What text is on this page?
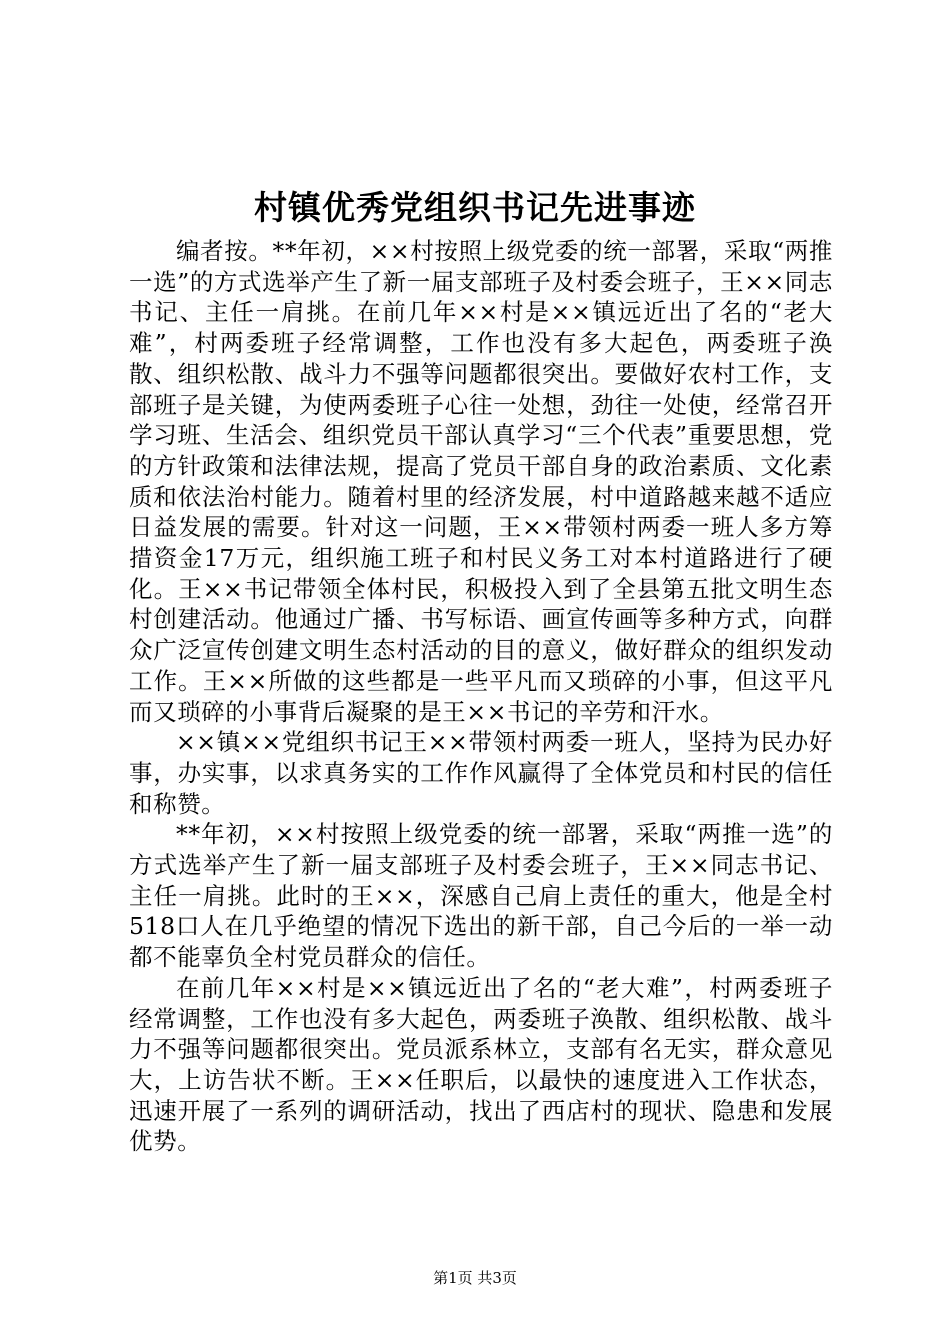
村镇优秀党组织书记先进事迹

编者按。**年初，××村按照上级党委的统一部署，采取“两推一选”的方式选举产生了新一届支部班子及村委会班子，王××同志书记、主任一肩挑。在前几年××村是××镇远近出了名的“老大难”，村两委班子经常调整，工作也没有多大起色，两委班子涣散、组织松散、战斗力不强等问题都很突出。要做好农村工作，支部班子是关键，为使两委班子心往一处想，劲往一处使，经常召开学习班、生活会、组织党员干部认真学习“三个代表”重要思想，党的方针政策和法律法规，提高了党员干部自身的政治素质、文化素质和依法治村能力。随着村里的经济发展，村中道路越来越不适应日益发展的需要。针对这一问题，王××带领村两委一班人多方筹措资金17万元，组织施工班子和村民义务工对本村道路进行了硬化。王××书记带领全体村民，积极投入到了全县第五批文明生态村创建活动。他通过广播、书写标语、画宣传画等多种方式，向群众广泛宣传创建文明生态村活动的目的意义，做好群众的组织发动工作。王××所做的这些都是一些平凡而又琐碎的小事，但这平凡而又琐碎的小事背后凝聚的是王××书记的辛劳和汗水。

××镇××党组织书记王××带领村两委一班人，坚持为民办好事，办实事，以求真务实的工作作风赢得了全体党员和村民的信任和称赞。

**年初，××村按照上级党委的统一部署，采取“两推一选”的方式选举产生了新一届支部班子及村委会班子，王××同志书记、主任一肩挑。此时的王××，深感自己肩上责任的重大，他是全村518口人在几乎绝望的情况下选出的新干部，自己今后的一举一动都不能辜负全村党员群众的信任。

在前几年××村是××镇远近出了名的“老大难”，村两委班子经常调整，工作也没有多大起色，两委班子涣散、组织松散、战斗力不强等问题都很突出。党员派系林立，支部有名无实，群众意见大，上访告状不断。王××任职后，以最快的速度进入工作状态，迅速开展了一系列的调研活动，找出了西店村的现状、隐患和发展优势。

第1页 共3页
